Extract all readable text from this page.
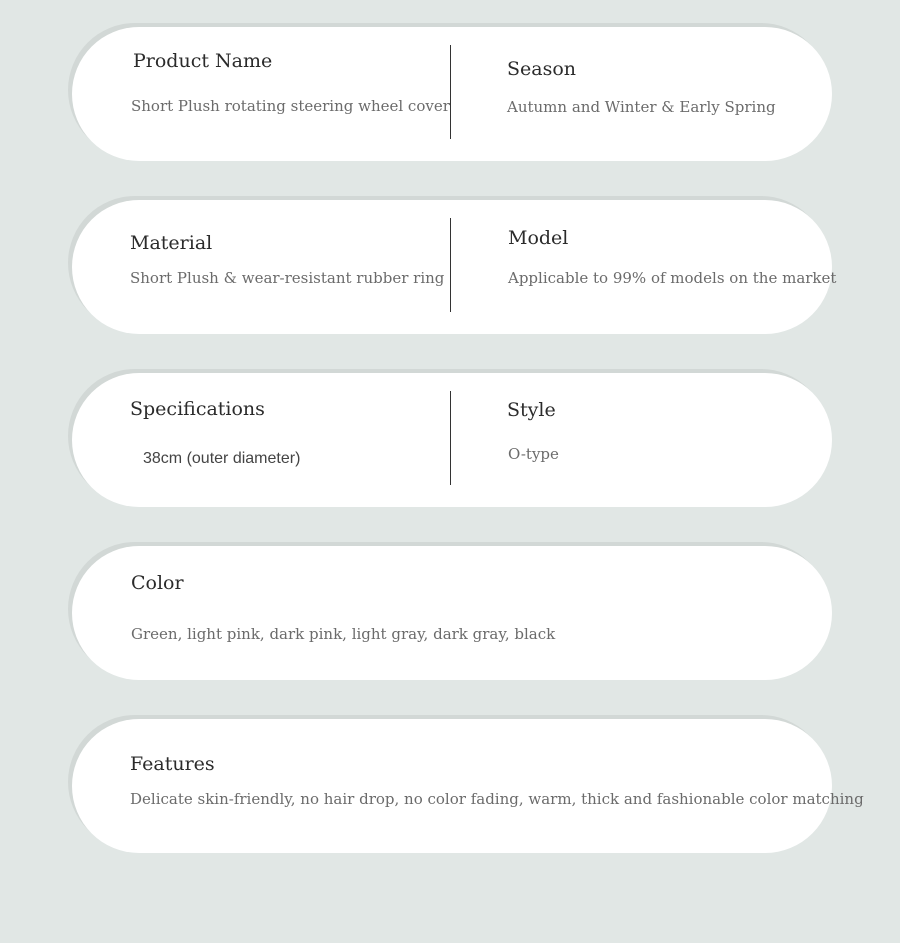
Product Name
Short Plush rotating steering wheel cover
Season
Autumn and Winter & Early Spring
Material
Short Plush & wear-resistant rubber ring
Model
Applicable to 99% of models on the market
Specifications
38cm (outer diameter)
Style
O-type
Color
Green, light pink, dark pink, light gray, dark gray, black
Features
Delicate skin-friendly, no hair drop, no color fading, warm, thick and fashionable color matching
